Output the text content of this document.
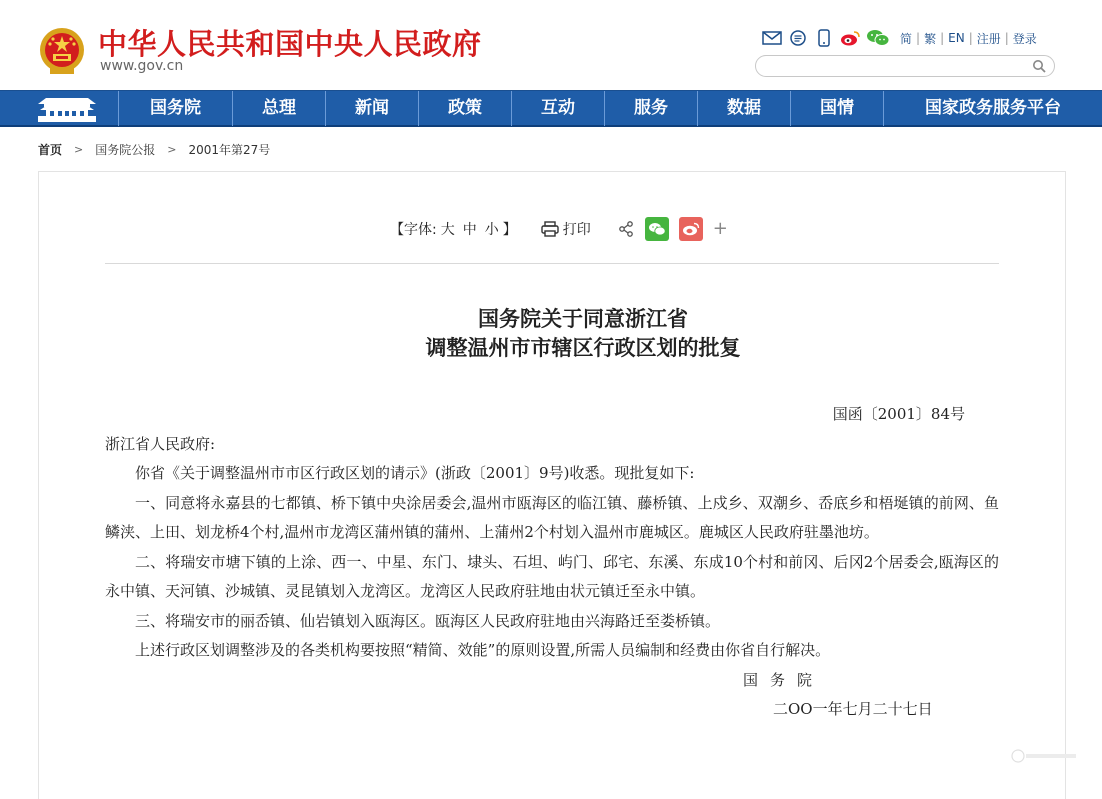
中华人民共和国中央人民政府
www.gov.cn
简 | 繁 | EN | 注册 | 登录
国务院	总理	新闻	政策	互动	服务	数据	国情	国家政务服务平台
首页 > 国务院公报 > 2001年第27号
【字体: 大 中 小 】	打印	+
国务院关于同意浙江省
调整温州市市辖区行政区划的批复
国函〔2001〕84号

浙江省人民政府:

你省《关于调整温州市市区行政区划的请示》(浙政〔2001〕9号)收悉。现批复如下:

一、同意将永嘉县的七都镇、桥下镇中央涂居委会,温州市瓯海区的临江镇、藤桥镇、上戍乡、双潮乡、岙底乡和梧埏镇的前网、鱼鳞浃、上田、划龙桥4个村,温州市龙湾区蒲州镇的蒲州、上蒲州2个村划入温州市鹿城区。鹿城区人民政府驻墨池坊。

二、将瑞安市塘下镇的上涂、西一、中星、东门、埭头、石坦、屿门、邱宅、东溪、东成10个村和前冈、后冈2个居委会,瓯海区的永中镇、天河镇、沙城镇、灵昆镇划入龙湾区。龙湾区人民政府驻地由状元镇迁至永中镇。

三、将瑞安市的丽岙镇、仙岩镇划入瓯海区。瓯海区人民政府驻地由兴海路迁至娄桥镇。

上述行政区划调整涉及的各类机构要按照“精简、效能”的原则设置,所需人员编制和经费由你省自行解决。

国务院

二OO一年七月二十七日
